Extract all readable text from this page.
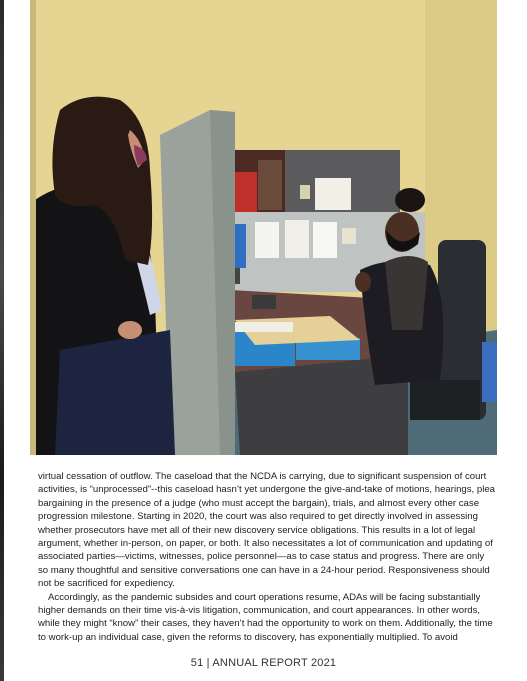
virtual cessation of outflow. The caseload that the NCDA is carrying, due to significant suspension of court activities, is “unprocessed”--this caseload hasn’t yet undergone the give-and-take of motions, hearings, plea bargaining in the presence of a judge (who must accept the bargain), trials, and almost every other case progression milestone. Starting in 2020, the court was also required to get directly involved in assessing whether prosecutors have met all of their new discovery service obligations. This results in a lot of legal argument, whether in-person, on paper, or both. It also necessitates a lot of communication and updating of associated parties—victims, witnesses, police personnel—as to case status and progress. There are only so many thoughtful and sensitive conversations one can have in a 24-hour period. Responsiveness should not be sacrificed for expediency.

Accordingly, as the pandemic subsides and court operations resume, ADAs will be facing substantially higher demands on their time vis-à-vis litigation, communication, and court appearances. In other words, while they might “know” their cases, they haven’t had the opportunity to work on them. Additionally, the time to work-up an individual case, given the reforms to discovery, has exponentially multiplied. To avoid

51 | ANNUAL REPORT 2021
